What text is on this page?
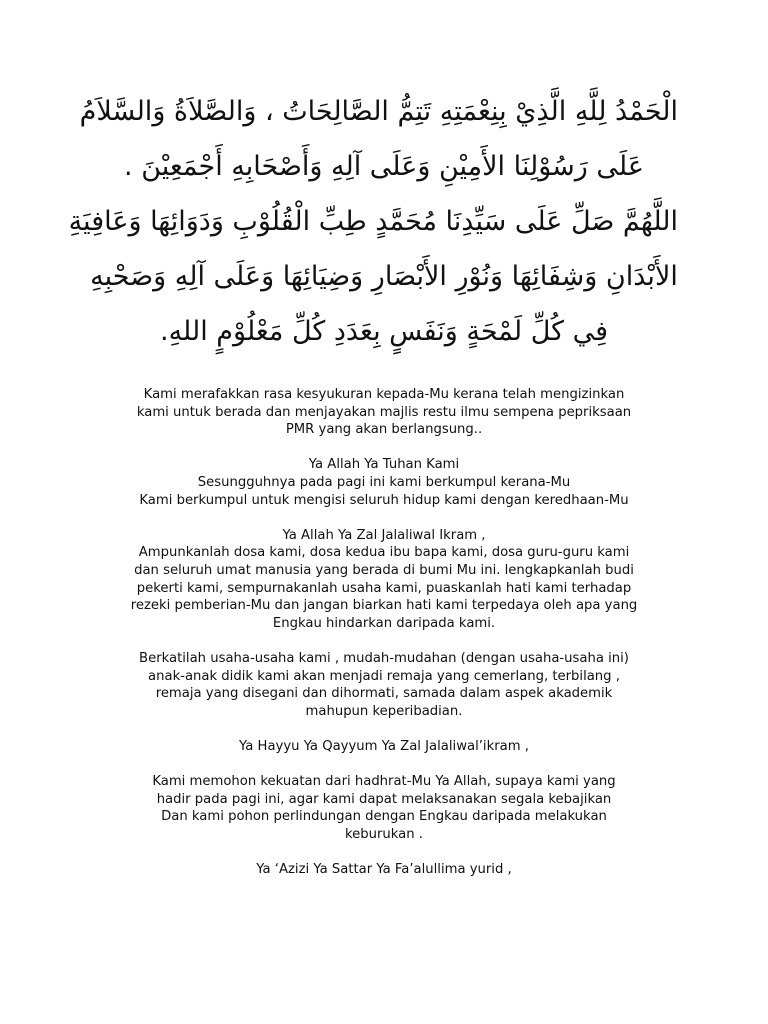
الْحَمْدُ لِلَّهِ الَّذِيْ بِنِعْمَتِهِ تَتِمُّ الصَّالِحَاتُ ، وَالصَّلاَةُ وَالسَّلاَمُ
عَلَى رَسُوْلِنَا الأَمِيْنِ وَعَلَى آلِهِ وَأَصْحَابِهِ أَجْمَعِيْنَ .
اللَّهُمَّ صَلِّ عَلَى سَيِّدِنَا مُحَمَّدٍ طِبِّ الْقُلُوْبِ وَدَوَائِهَا وَعَافِيَةِ
الأَبْدَانِ وَشِفَائِهَا وَنُوْرِ الأَبْصَارِ وَضِيَائِهَا وَعَلَى آلِهِ وَصَحْبِهِ
فِي كُلِّ لَمْحَةٍ وَنَفَسٍ بِعَدَدِ كُلِّ مَعْلُوْمٍ اللهِ.
Kami merafakkan rasa kesyukuran kepada-Mu kerana telah mengizinkan
kami untuk berada dan menjayakan majlis restu ilmu sempena pepriksaan
PMR yang akan berlangsung..
Ya Allah Ya Tuhan Kami
Sesungguhnya pada pagi ini kami berkumpul kerana-Mu
Kami berkumpul untuk mengisi seluruh hidup kami dengan keredhaan-Mu
Ya Allah Ya Zal Jalaliwal Ikram ,
Ampunkanlah dosa kami, dosa kedua ibu bapa kami, dosa guru-guru kami
dan seluruh umat manusia yang berada di bumi Mu ini. lengkapkanlah budi
pekerti kami, sempurnakanlah usaha kami, puaskanlah hati kami terhadap
rezeki pemberian-Mu dan jangan biarkan hati kami terpedaya oleh apa yang
Engkau hindarkan daripada kami.
Berkatilah usaha-usaha kami , mudah-mudahan (dengan usaha-usaha ini)
anak-anak didik kami akan menjadi remaja yang cemerlang, terbilang ,
remaja yang disegani dan dihormati, samada dalam aspek akademik
mahupun keperibadian.
Ya Hayyu Ya Qayyum Ya Zal Jalaliwal’ikram ,
Kami memohon kekuatan dari hadhrat-Mu Ya Allah, supaya kami yang
hadir pada pagi ini, agar kami dapat melaksanakan segala kebajikan
Dan kami pohon perlindungan dengan Engkau daripada melakukan
keburukan .
Ya ‘Azizi Ya Sattar Ya Fa’alullima yurid ,
